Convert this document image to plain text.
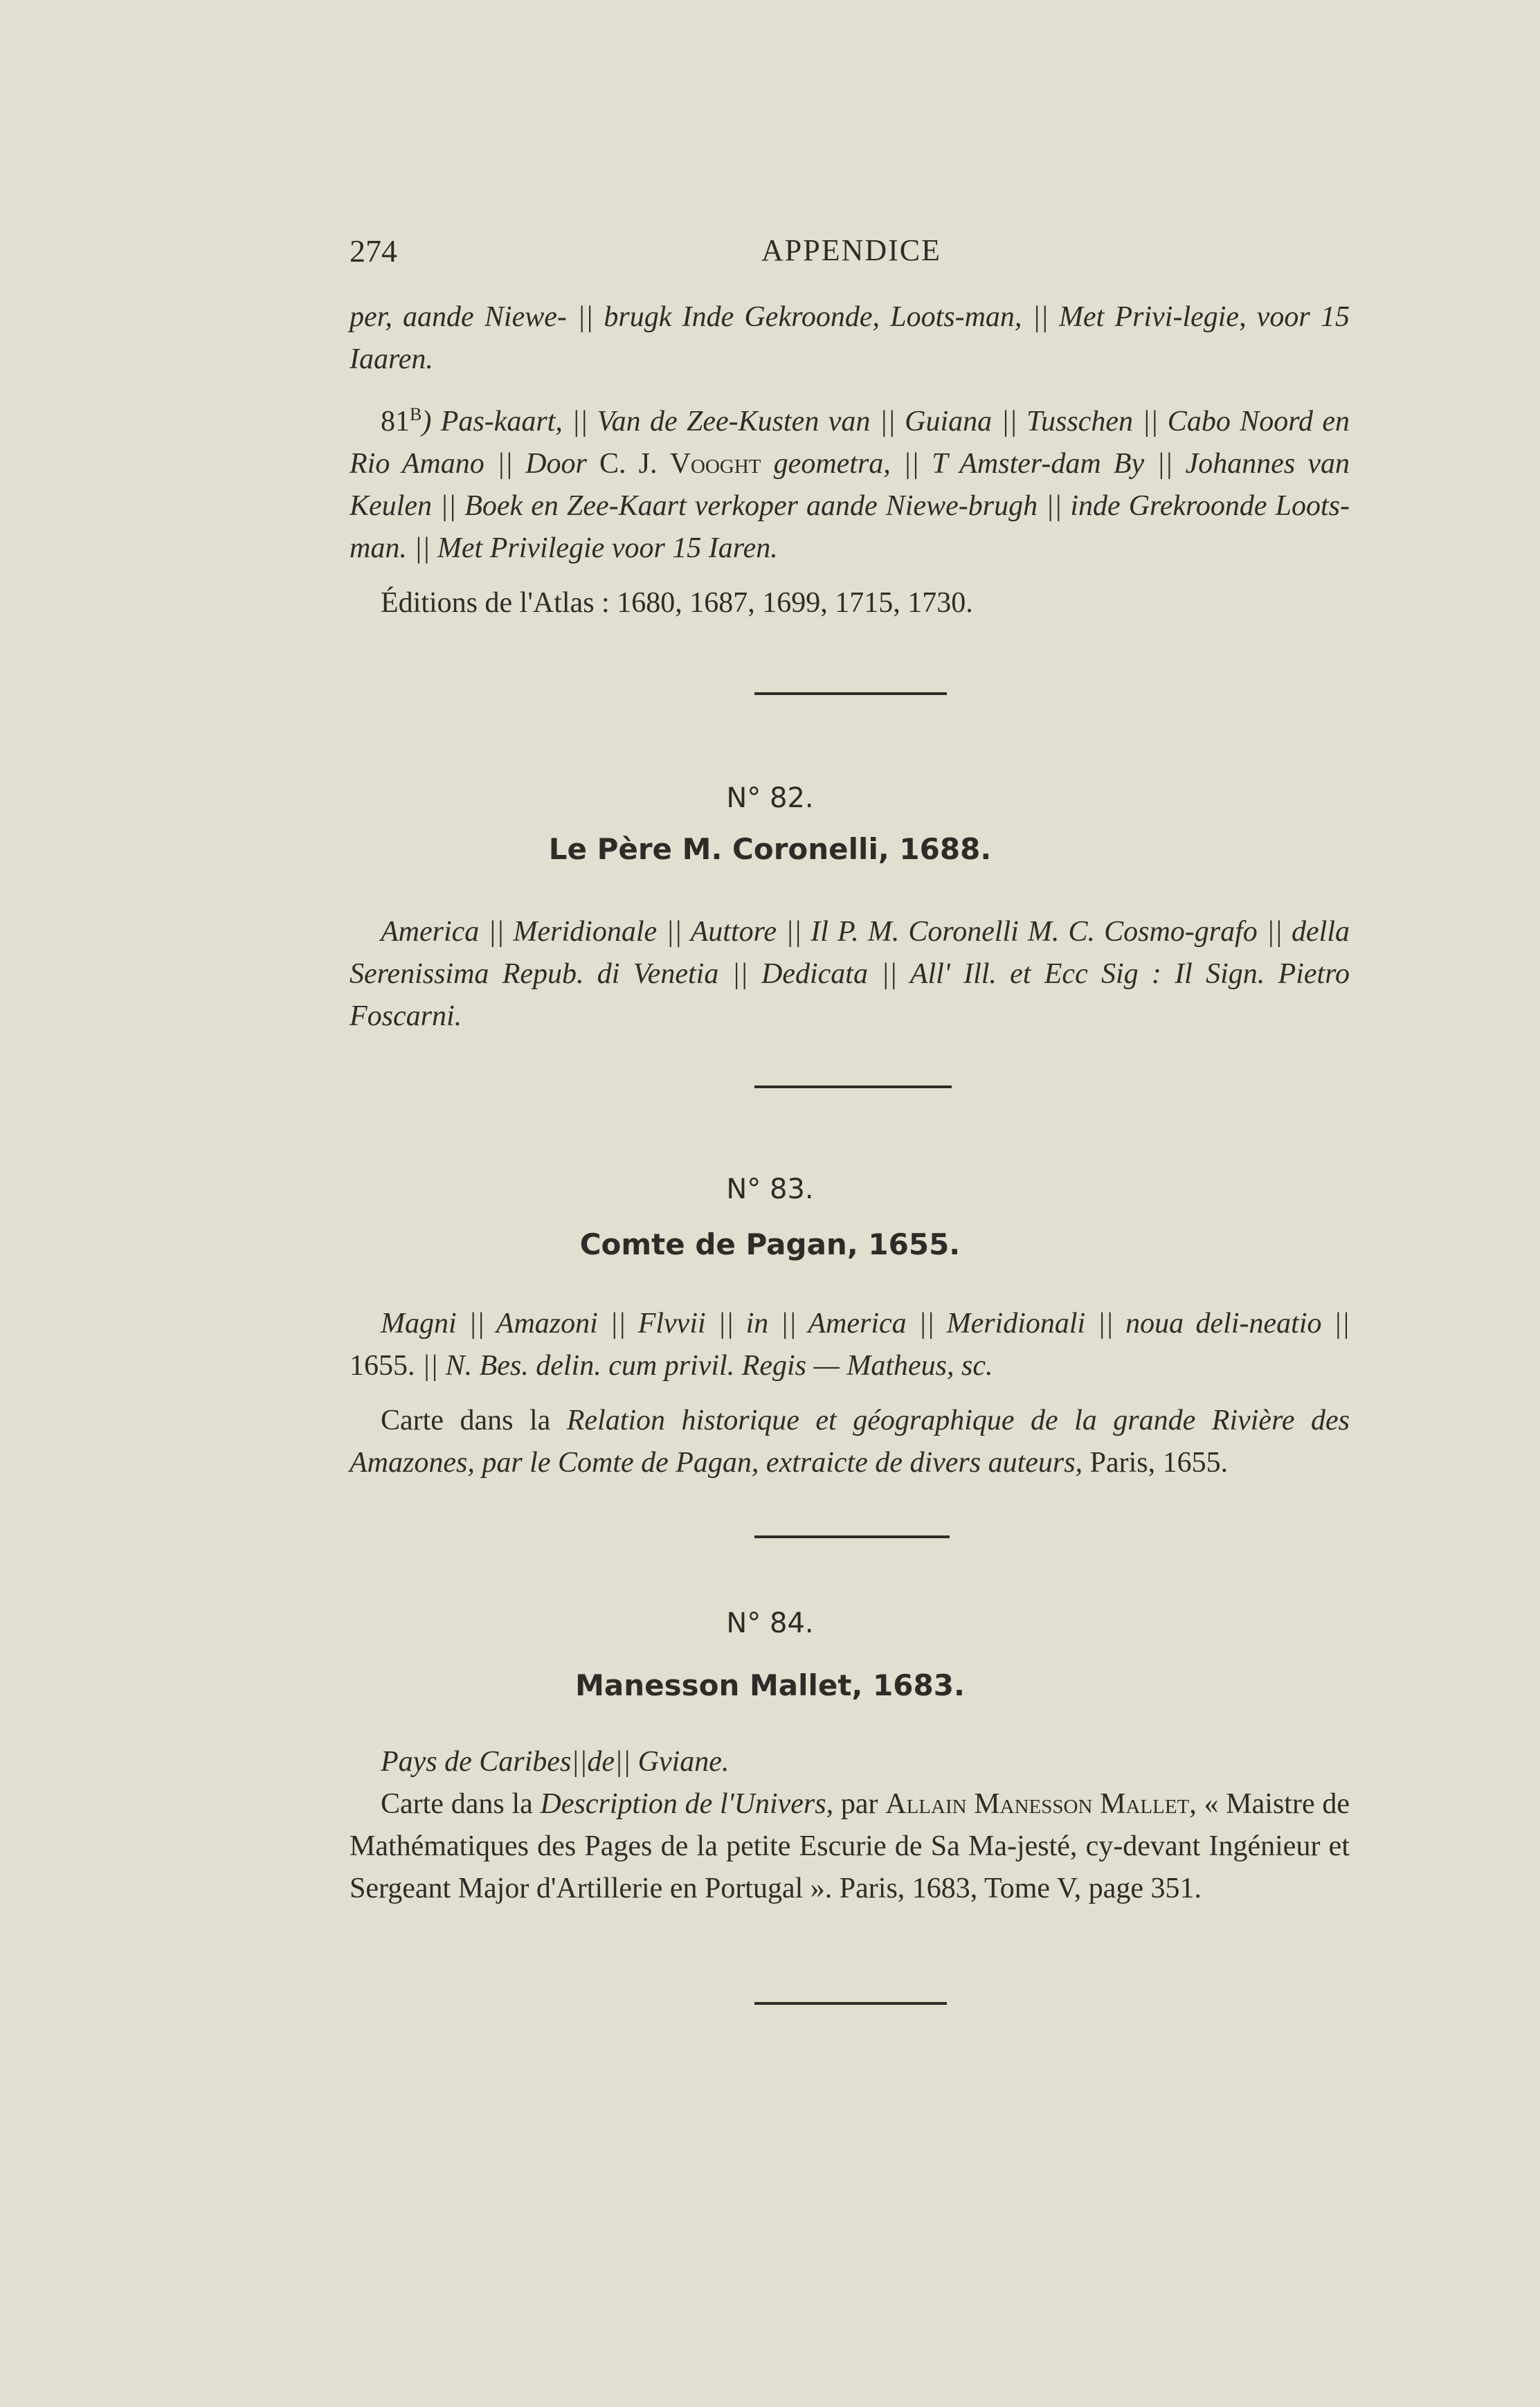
274	APPENDICE

per, aande Niewe- || brugk Inde Gekroonde, Loots-man, || Met Privi-legie, voor 15 Iaaren.

$81^B$) Pas-kaart, || Van de Zee-Kusten van || Guiana || Tusschen || Cabo Noord en Rio Amano || Door C. J. Vooght geometra, || T Amster-dam By || Johannes van Keulen || Boek en Zee-Kaart verkoper aande Niewe-brugh || inde Grekroonde Loots-man. || Met Privilegie voor 15 Iaren.

Éditions de l'Atlas : 1680, 1687, 1699, 1715, 1730.

N° 82.
Le Père M. Coronelli, 1688.

America || Meridionale || Auttore || Il P. M. Coronelli M. C. Cosmo-grafo || della Serenissima Repub. di Venetia || Dedicata || All' Ill. et Ecc Sig : Il Sign. Pietro Foscarni.

N° 83.
Comte de Pagan, 1655.

Magni || Amazoni || Flvvii || in || America || Meridionali || noua deli-neatio || 1655. || N. Bes. delin. cum privil. Regis — Matheus, sc.

Carte dans la Relation historique et géographique de la grande Rivière des Amazones, par le Comte de Pagan, extraicte de divers auteurs, Paris, 1655.

N° 84.
Manesson Mallet, 1683.

Pays de Caribes||de|| Gviane.

Carte dans la Description de l'Univers, par Allain Manesson Mallet, « Maistre de Mathématiques des Pages de la petite Escurie de Sa Ma-jesté, cy-devant Ingénieur et Sergeant Major d'Artillerie en Portugal ». Paris, 1683, Tome V, page 351.
